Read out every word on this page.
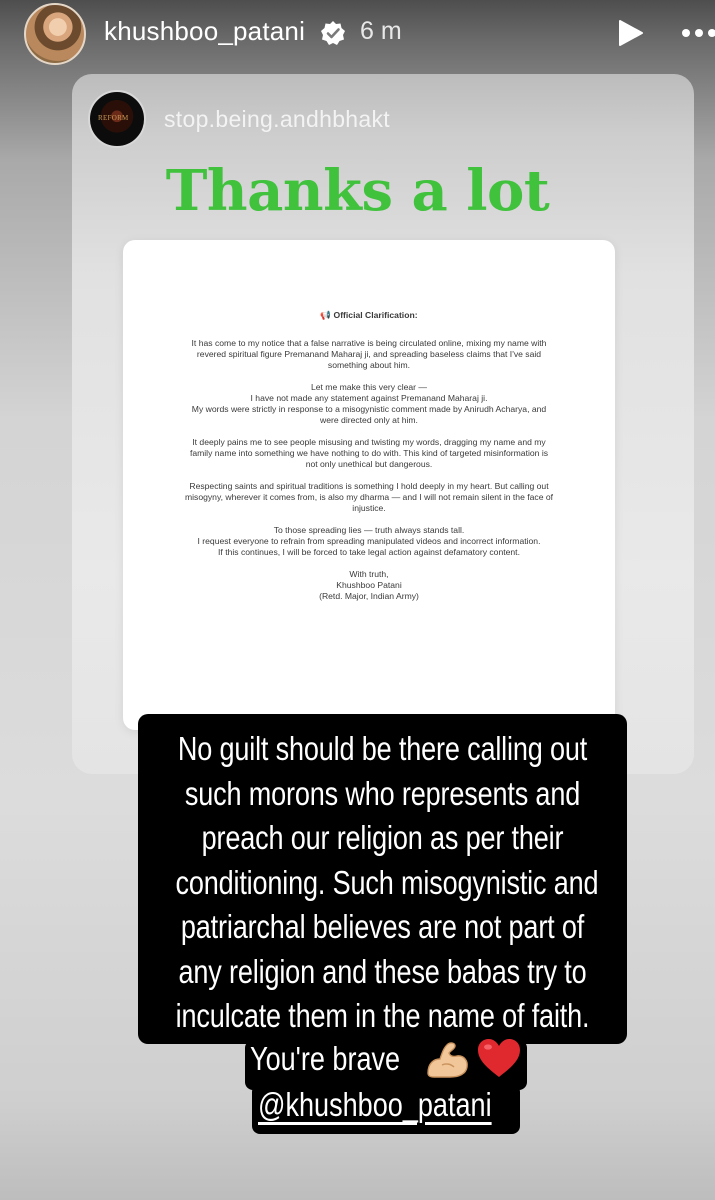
khushboo_patani 6 m
REFORM stop.being.andhbhakt
Thanks a lot
📢 Official Clarification:
It has come to my notice that a false narrative is being circulated online, mixing my name with
revered spiritual figure Premanand Maharaj ji, and spreading baseless claims that I've said
something about him.
Let me make this very clear —
I have not made any statement against Premanand Maharaj ji.
My words were strictly in response to a misogynistic comment made by Anirudh Acharya, and
were directed only at him.
It deeply pains me to see people misusing and twisting my words, dragging my name and my
family name into something we have nothing to do with. This kind of targeted misinformation is
not only unethical but dangerous.
Respecting saints and spiritual traditions is something I hold deeply in my heart. But calling out
misogyny, wherever it comes from, is also my dharma — and I will not remain silent in the face of
injustice.
To those spreading lies — truth always stands tall.
I request everyone to refrain from spreading manipulated videos and incorrect information.
If this continues, I will be forced to take legal action against defamatory content.
With truth,
Khushboo Patani
(Retd. Major, Indian Army)
No guilt should be there calling out
such morons who represents and
preach our religion as per their
conditioning. Such misogynistic and
patriarchal believes are not part of
any religion and these babas try to
inculcate them in the name of faith.
You're brave
@khushboo_patani
